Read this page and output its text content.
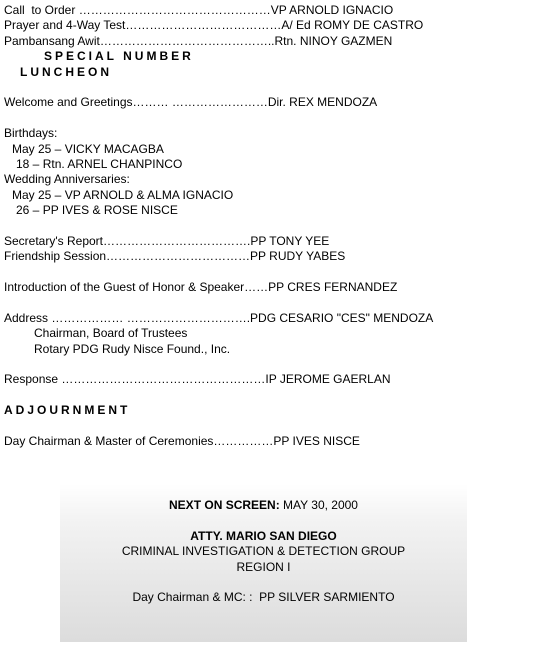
Call  to Order …………………………………………VP ARNOLD IGNACIO
Prayer and 4-Way Test…………………………………A/ Ed ROMY DE CASTRO
Pambansang Awit……………………………………..Rtn. NINOY GAZMEN
SPECIAL NUMBER
LUNCHEON
Welcome and Greetings……… ……………………Dir. REX MENDOZA
Birthdays:
May 25 – VICKY MACAGBA
18 – Rtn. ARNEL CHANPINCO
Wedding Anniversaries:
May 25 – VP ARNOLD & ALMA IGNACIO
26 – PP IVES & ROSE NISCE
Secretary's Report……………………………….PP TONY YEE
Friendship Session………………………………PP RUDY YABES
Introduction of the Guest of Honor & Speaker……PP CRES FERNANDEZ
Address ……………… ………………………….PDG CESARIO "CES" MENDOZA
Chairman, Board of Trustees
Rotary PDG Rudy Nisce Found., Inc.
Response ……………………………………………IP JEROME GAERLAN
ADJOURNMENT
Day Chairman & Master of Ceremonies……………PP IVES NISCE
NEXT ON SCREEN: MAY 30, 2000
ATTY. MARIO SAN DIEGO
CRIMINAL INVESTIGATION & DETECTION GROUP
REGION I
Day Chairman & MC: :  PP SILVER SARMIENTO
